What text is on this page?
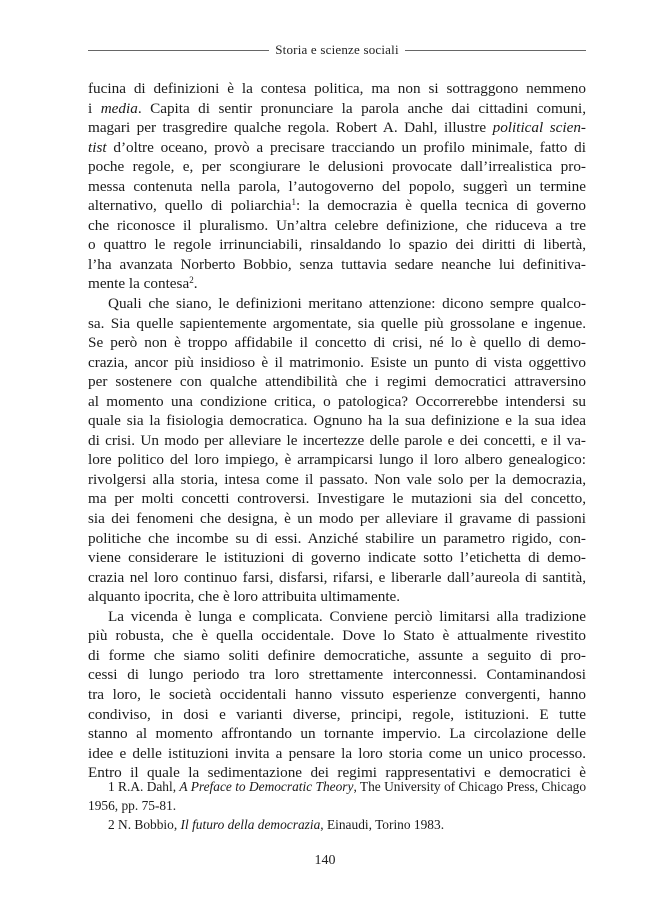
Storia e scienze sociali
fucina di definizioni è la contesa politica, ma non si sottraggono nemmeno
i media. Capita di sentir pronunciare la parola anche dai cittadini comuni,
magari per trasgredire qualche regola. Robert A. Dahl, illustre political scien-
tist d’oltre oceano, provò a precisare tracciando un profilo minimale, fatto di
poche regole, e, per scongiurare le delusioni provocate dall’irrealistica pro-
messa contenuta nella parola, l’autogoverno del popolo, suggerì un termine
alternativo, quello di poliarchia$^1$: la democrazia è quella tecnica di governo
che riconosce il pluralismo. Un’altra celebre definizione, che riduceva a tre
o quattro le regole irrinunciabili, rinsaldando lo spazio dei diritti di libertà,
l’ha avanzata Norberto Bobbio, senza tuttavia sedare neanche lui definitiva-
mente la contesa$^2$.
Quali che siano, le definizioni meritano attenzione: dicono sempre qualco-
sa. Sia quelle sapientemente argomentate, sia quelle più grossolane e ingenue.
Se però non è troppo affidabile il concetto di crisi, né lo è quello di demo-
crazia, ancor più insidioso è il matrimonio. Esiste un punto di vista oggettivo
per sostenere con qualche attendibilità che i regimi democratici attraversino
al momento una condizione critica, o patologica? Occorrerebbe intendersi su
quale sia la fisiologia democratica. Ognuno ha la sua definizione e la sua idea
di crisi. Un modo per alleviare le incertezze delle parole e dei concetti, e il va-
lore politico del loro impiego, è arrampicarsi lungo il loro albero genealogico:
rivolgersi alla storia, intesa come il passato. Non vale solo per la democrazia,
ma per molti concetti controversi. Investigare le mutazioni sia del concetto,
sia dei fenomeni che designa, è un modo per alleviare il gravame di passioni
politiche che incombe su di essi. Anziché stabilire un parametro rigido, con-
viene considerare le istituzioni di governo indicate sotto l’etichetta di demo-
crazia nel loro continuo farsi, disfarsi, rifarsi, e liberarle dall’aureola di santità,
alquanto ipocrita, che è loro attribuita ultimamente.
La vicenda è lunga e complicata. Conviene perciò limitarsi alla tradizione
più robusta, che è quella occidentale. Dove lo Stato è attualmente rivestito
di forme che siamo soliti definire democratiche, assunte a seguito di pro-
cessi di lungo periodo tra loro strettamente interconnessi. Contaminandosi
tra loro, le società occidentali hanno vissuto esperienze convergenti, hanno
condiviso, in dosi e varianti diverse, principi, regole, istituzioni. E tutte
stanno al momento affrontando un tornante impervio. La circolazione delle
idee e delle istituzioni invita a pensare la loro storia come un unico processo.
Entro il quale la sedimentazione dei regimi rappresentativi e democratici è
1 R.A. Dahl, A Preface to Democratic Theory, The University of Chicago Press, Chicago
1956, pp. 75-81.
2 N. Bobbio, Il futuro della democrazia, Einaudi, Torino 1983.
140
